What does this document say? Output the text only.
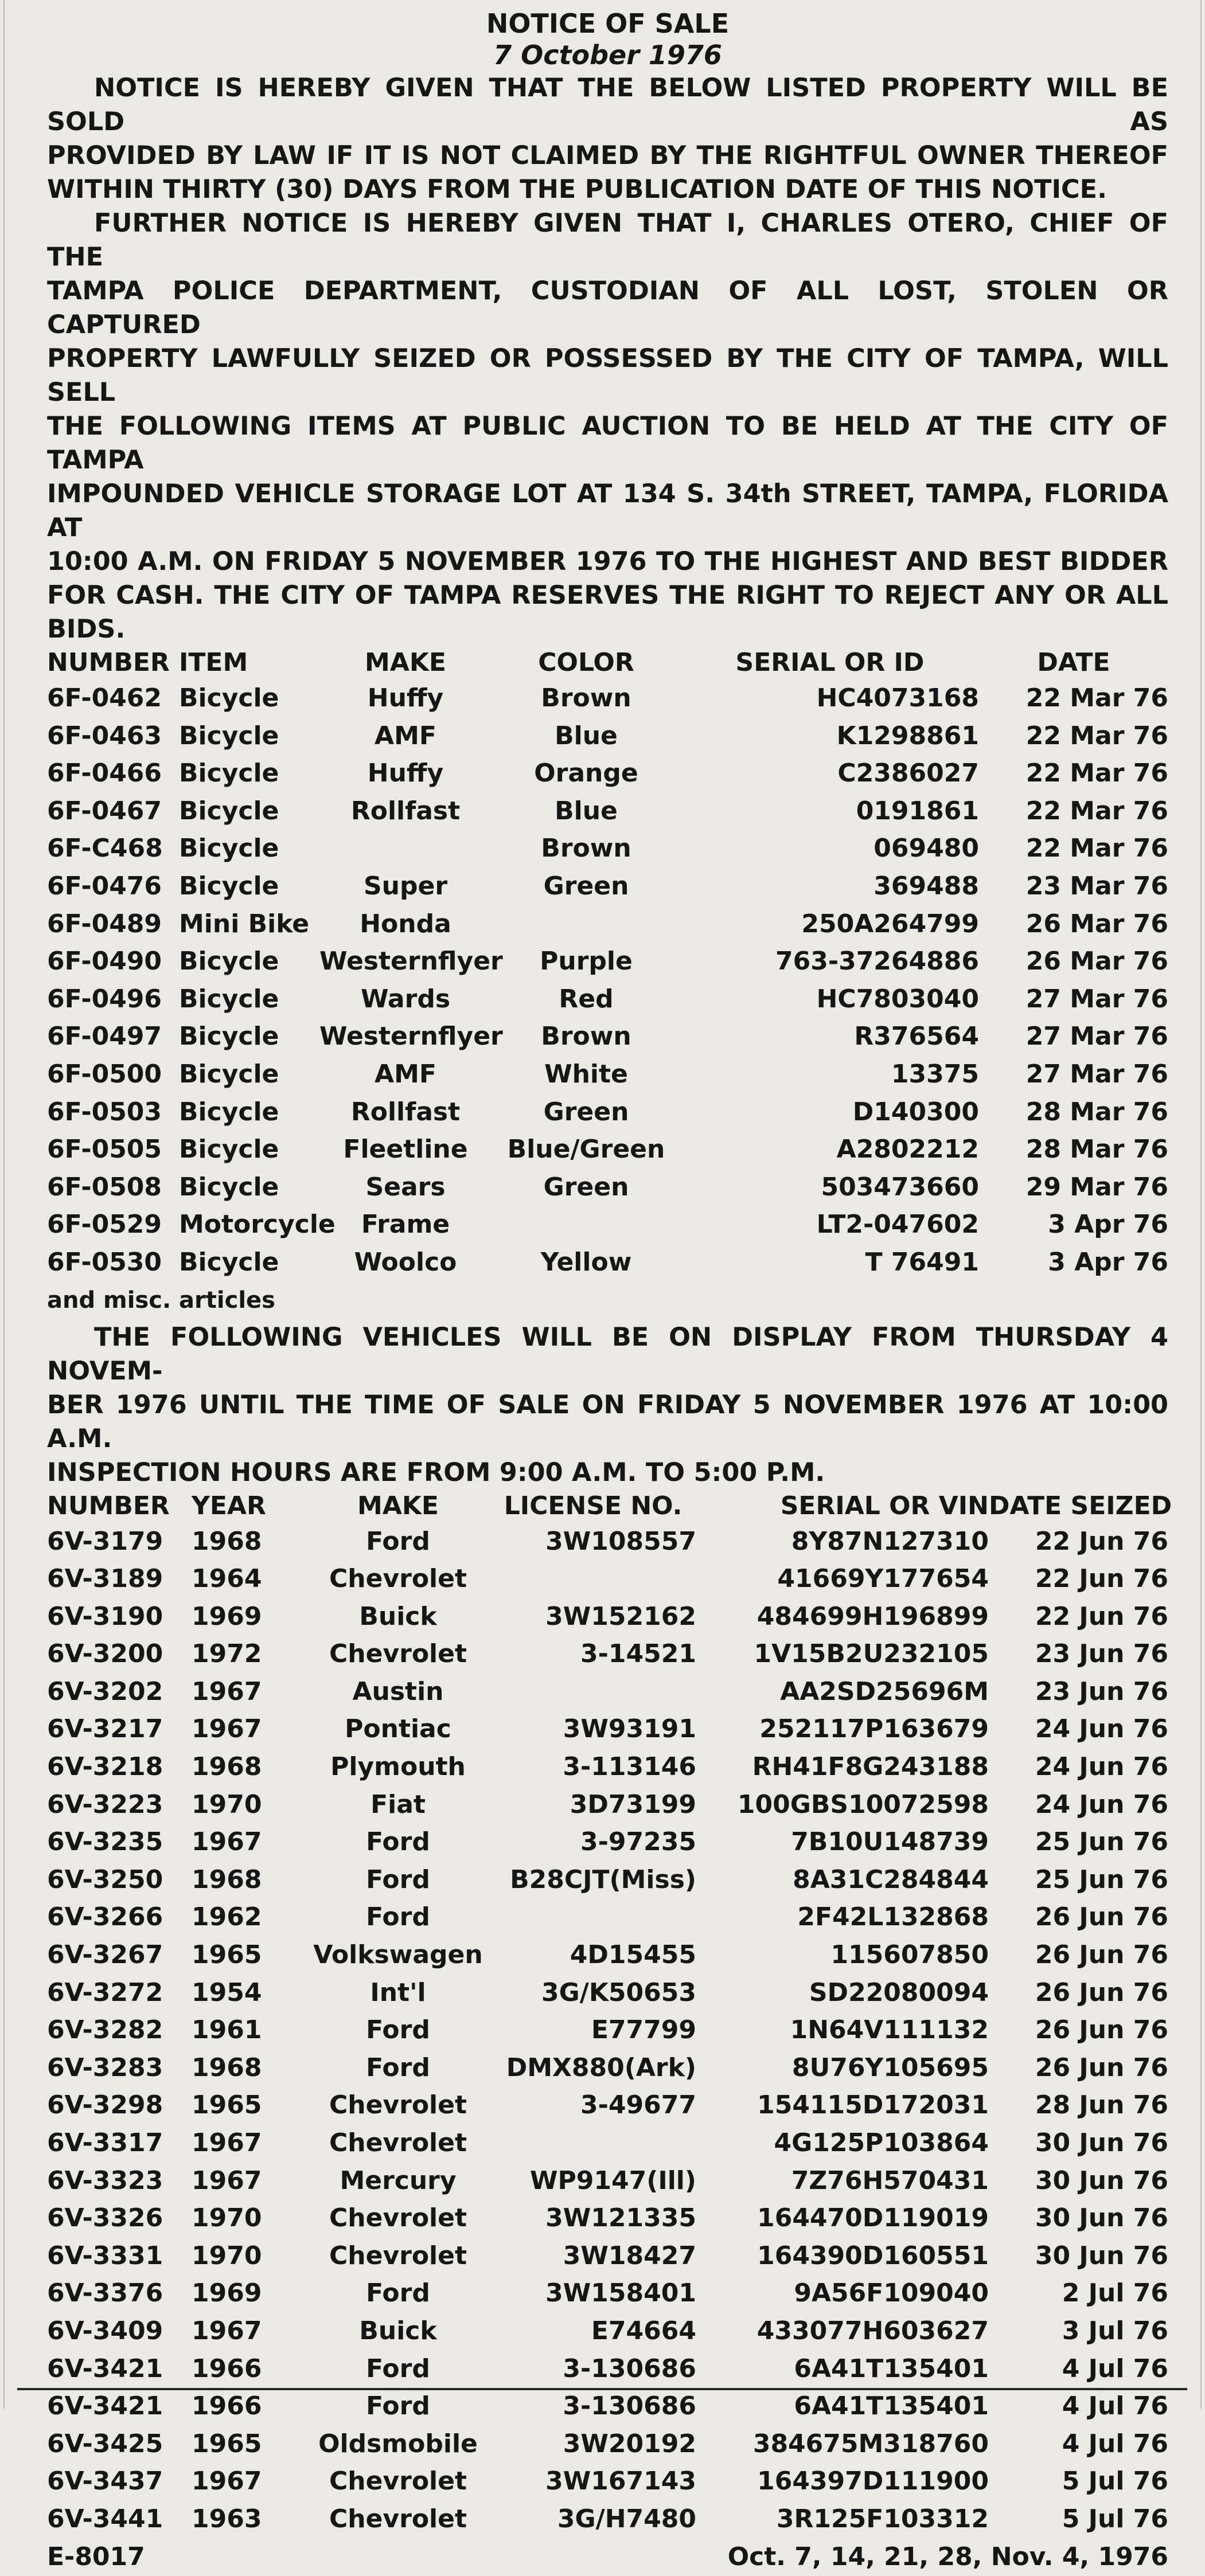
NOTICE OF SALE
7 October 1976
NOTICE IS HEREBY GIVEN THAT THE BELOW LISTED PROPERTY WILL BE SOLD AS
PROVIDED BY LAW IF IT IS NOT CLAIMED BY THE RIGHTFUL OWNER THEREOF
WITHIN THIRTY (30) DAYS FROM THE PUBLICATION DATE OF THIS NOTICE.
FURTHER NOTICE IS HEREBY GIVEN THAT I, CHARLES OTERO, CHIEF OF THE
TAMPA POLICE DEPARTMENT, CUSTODIAN OF ALL LOST, STOLEN OR CAPTURED
PROPERTY LAWFULLY SEIZED OR POSSESSED BY THE CITY OF TAMPA, WILL SELL
THE FOLLOWING ITEMS AT PUBLIC AUCTION TO BE HELD AT THE CITY OF TAMPA
IMPOUNDED VEHICLE STORAGE LOT AT 134 S. 34th STREET, TAMPA, FLORIDA AT
10:00 A.M. ON FRIDAY 5 NOVEMBER 1976 TO THE HIGHEST AND BEST BIDDER
FOR CASH. THE CITY OF TAMPA RESERVES THE RIGHT TO REJECT ANY OR ALL BIDS.
NUMBER	ITEM	MAKE	COLOR	SERIAL OR ID	DATE
6F-0462	Bicycle	Huffy	Brown	HC4073168	22 Mar 76
6F-0463	Bicycle	AMF	Blue	K1298861	22 Mar 76
6F-0466	Bicycle	Huffy	Orange	C2386027	22 Mar 76
6F-0467	Bicycle	Rollfast	Blue	0191861	22 Mar 76
6F-C468	Bicycle		Brown	069480	22 Mar 76
6F-0476	Bicycle	Super	Green	369488	23 Mar 76
6F-0489	Mini Bike	Honda		250A264799	26 Mar 76
6F-0490	Bicycle	Westernflyer	Purple	763-37264886	26 Mar 76
6F-0496	Bicycle	Wards	Red	HC7803040	27 Mar 76
6F-0497	Bicycle	Westernflyer	Brown	R376564	27 Mar 76
6F-0500	Bicycle	AMF	White	13375	27 Mar 76
6F-0503	Bicycle	Rollfast	Green	D140300	28 Mar 76
6F-0505	Bicycle	Fleetline	Blue/Green	A2802212	28 Mar 76
6F-0508	Bicycle	Sears	Green	503473660	29 Mar 76
6F-0529	Motorcycle	Frame		LT2-047602	3 Apr 76
6F-0530	Bicycle	Woolco	Yellow	T 76491	3 Apr 76
and misc. articles
THE FOLLOWING VEHICLES WILL BE ON DISPLAY FROM THURSDAY 4 NOVEM-
BER 1976 UNTIL THE TIME OF SALE ON FRIDAY 5 NOVEMBER 1976 AT 10:00 A.M.
INSPECTION HOURS ARE FROM 9:00 A.M. TO 5:00 P.M.
NUMBER	YEAR	MAKE	LICENSE NO.	SERIAL OR VIN	DATE SEIZED
6V-3179	1968	Ford	3W108557	8Y87N127310	22 Jun 76
6V-3189	1964	Chevrolet		41669Y177654	22 Jun 76
6V-3190	1969	Buick	3W152162	484699H196899	22 Jun 76
6V-3200	1972	Chevrolet	3-14521	1V15B2U232105	23 Jun 76
6V-3202	1967	Austin		AA2SD25696M	23 Jun 76
6V-3217	1967	Pontiac	3W93191	252117P163679	24 Jun 76
6V-3218	1968	Plymouth	3-113146	RH41F8G243188	24 Jun 76
6V-3223	1970	Fiat	3D73199	100GBS10072598	24 Jun 76
6V-3235	1967	Ford	3-97235	7B10U148739	25 Jun 76
6V-3250	1968	Ford	B28CJT(Miss)	8A31C284844	25 Jun 76
6V-3266	1962	Ford		2F42L132868	26 Jun 76
6V-3267	1965	Volkswagen	4D15455	115607850	26 Jun 76
6V-3272	1954	Int'l	3G/K50653	SD22080094	26 Jun 76
6V-3282	1961	Ford	E77799	1N64V111132	26 Jun 76
6V-3283	1968	Ford	DMX880(Ark)	8U76Y105695	26 Jun 76
6V-3298	1965	Chevrolet	3-49677	154115D172031	28 Jun 76
6V-3317	1967	Chevrolet		4G125P103864	30 Jun 76
6V-3323	1967	Mercury	WP9147(Ill)	7Z76H570431	30 Jun 76
6V-3326	1970	Chevrolet	3W121335	164470D119019	30 Jun 76
6V-3331	1970	Chevrolet	3W18427	164390D160551	30 Jun 76
6V-3376	1969	Ford	3W158401	9A56F109040	2 Jul 76
6V-3409	1967	Buick	E74664	433077H603627	3 Jul 76
6V-3421	1966	Ford	3-130686	6A41T135401	4 Jul 76
6V-3421	1966	Ford	3-130686	6A41T135401	4 Jul 76
6V-3425	1965	Oldsmobile	3W20192	384675M318760	4 Jul 76
6V-3437	1967	Chevrolet	3W167143	164397D111900	5 Jul 76
6V-3441	1963	Chevrolet	3G/H7480	3R125F103312	5 Jul 76
E-8017	Oct. 7, 14, 21, 28, Nov. 4, 1976
